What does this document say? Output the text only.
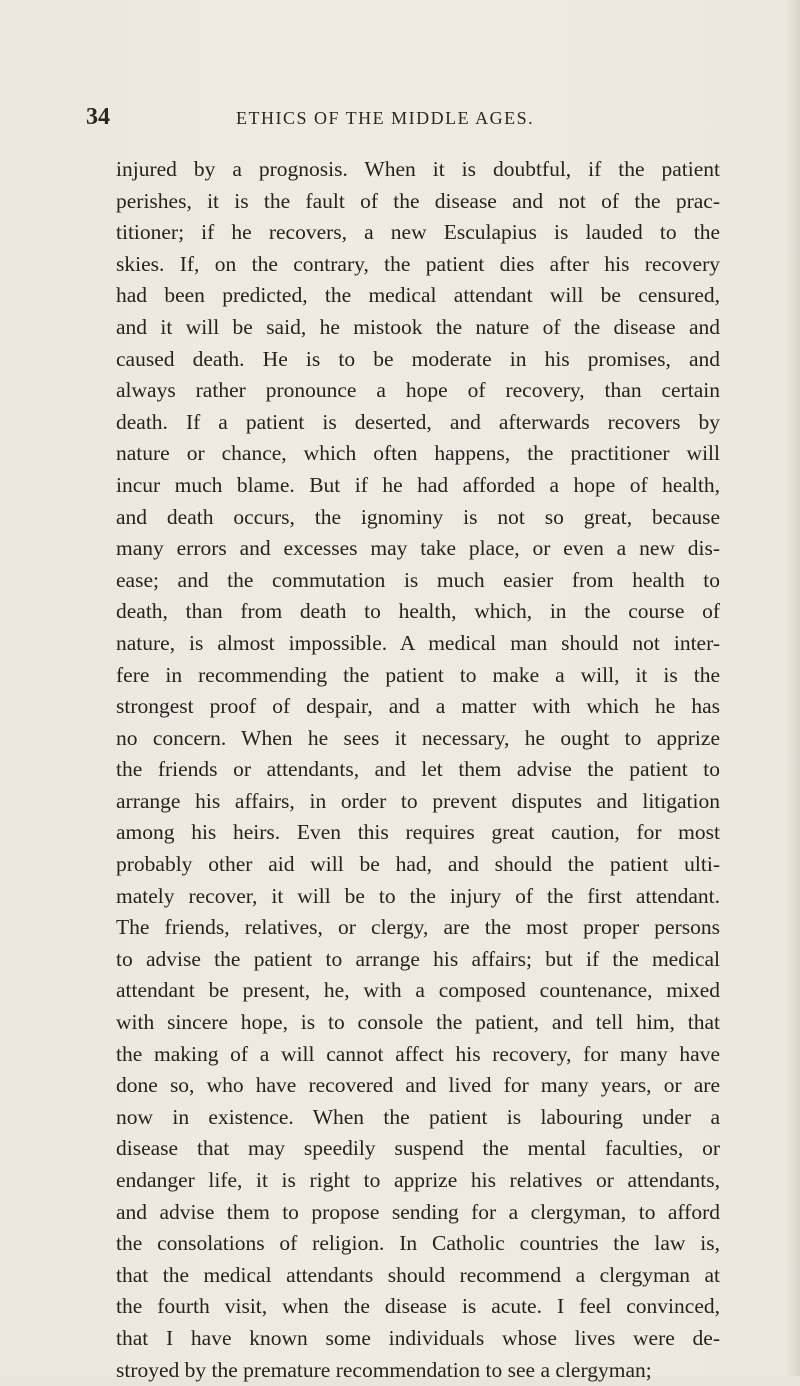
34	ETHICS OF THE MIDDLE AGES.
injured by a prognosis. When it is doubtful, if the patient
perishes, it is the fault of the disease and not of the prac-
titioner; if he recovers, a new Esculapius is lauded to the
skies. If, on the contrary, the patient dies after his recovery
had been predicted, the medical attendant will be censured,
and it will be said, he mistook the nature of the disease and
caused death. He is to be moderate in his promises, and
always rather pronounce a hope of recovery, than certain
death. If a patient is deserted, and afterwards recovers by
nature or chance, which often happens, the practitioner will
incur much blame. But if he had afforded a hope of health,
and death occurs, the ignominy is not so great, because
many errors and excesses may take place, or even a new dis-
ease; and the commutation is much easier from health to
death, than from death to health, which, in the course of
nature, is almost impossible. A medical man should not inter-
fere in recommending the patient to make a will, it is the
strongest proof of despair, and a matter with which he has
no concern. When he sees it necessary, he ought to apprize
the friends or attendants, and let them advise the patient to
arrange his affairs, in order to prevent disputes and litigation
among his heirs. Even this requires great caution, for most
probably other aid will be had, and should the patient ulti-
mately recover, it will be to the injury of the first attendant.
The friends, relatives, or clergy, are the most proper persons
to advise the patient to arrange his affairs; but if the medical
attendant be present, he, with a composed countenance, mixed
with sincere hope, is to console the patient, and tell him, that
the making of a will cannot affect his recovery, for many have
done so, who have recovered and lived for many years, or are
now in existence. When the patient is labouring under a
disease that may speedily suspend the mental faculties, or
endanger life, it is right to apprize his relatives or attendants,
and advise them to propose sending for a clergyman, to afford
the consolations of religion. In Catholic countries the law is,
that the medical attendants should recommend a clergyman at
the fourth visit, when the disease is acute. I feel convinced,
that I have known some individuals whose lives were de-
stroyed by the premature recommendation to see a clergyman;
